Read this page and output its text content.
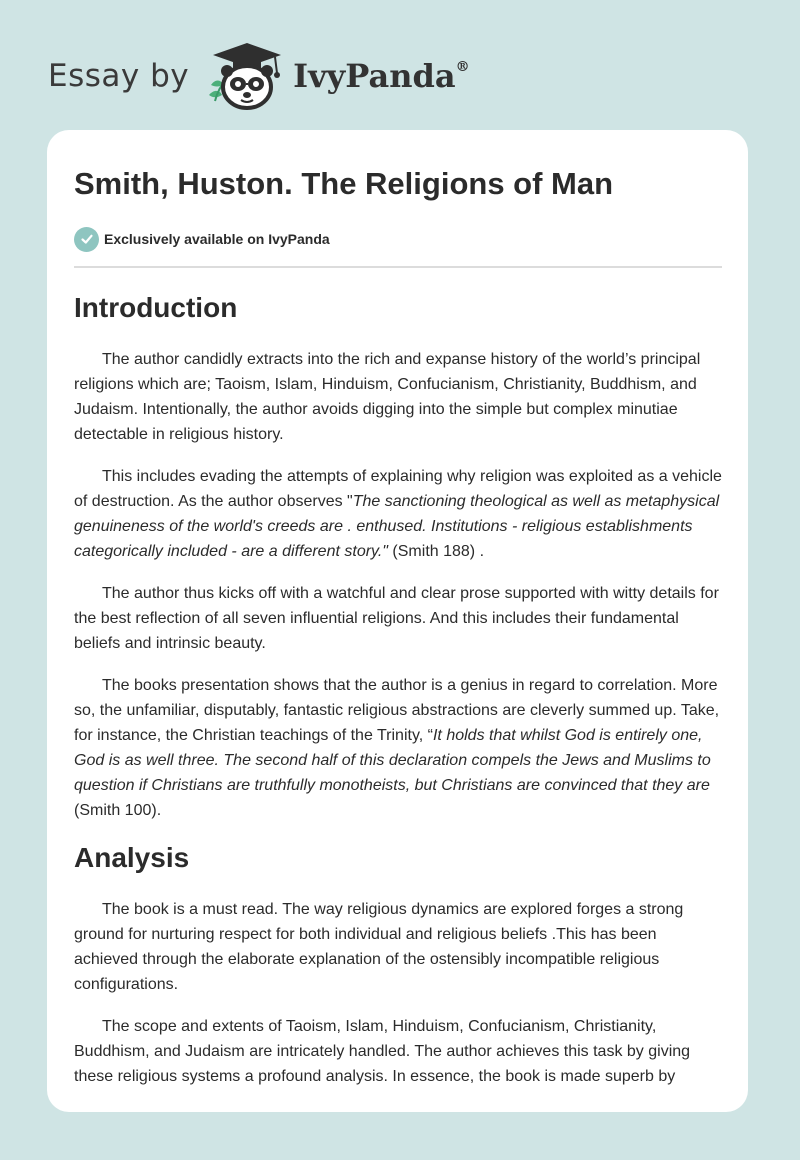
Essay by	IvyPanda®
Smith, Huston. The Religions of Man
Exclusively available on IvyPanda
Introduction

The author candidly extracts into the rich and expanse history of the world’s principal religions which are; Taoism, Islam, Hinduism, Confucianism, Christianity, Buddhism, and Judaism. Intentionally, the author avoids digging into the simple but complex minutiae detectable in religious history.

This includes evading the attempts of explaining why religion was exploited as a vehicle of destruction. As the author observes "The sanctioning theological as well as metaphysical genuineness of the world's creeds are . enthused. Institutions - religious establishments categorically included - are a different story." (Smith 188) .

The author thus kicks off with a watchful and clear prose supported with witty details for the best reflection of all seven influential religions. And this includes their fundamental beliefs and intrinsic beauty.

The books presentation shows that the author is a genius in regard to correlation. More so, the unfamiliar, disputably, fantastic religious abstractions are cleverly summed up. Take, for instance, the Christian teachings of the Trinity, “It holds that whilst God is entirely one, God is as well three. The second half of this declaration compels the Jews and Muslims to question if Christians are truthfully monotheists, but Christians are convinced that they are (Smith 100).

Analysis

The book is a must read. The way religious dynamics are explored forges a strong ground for nurturing respect for both individual and religious beliefs .This has been achieved through the elaborate explanation of the ostensibly incompatible religious configurations.

The scope and extents of Taoism, Islam, Hinduism, Confucianism, Christianity, Buddhism, and Judaism are intricately handled. The author achieves this task by giving these religious systems a profound analysis. In essence, the book is made superb by
